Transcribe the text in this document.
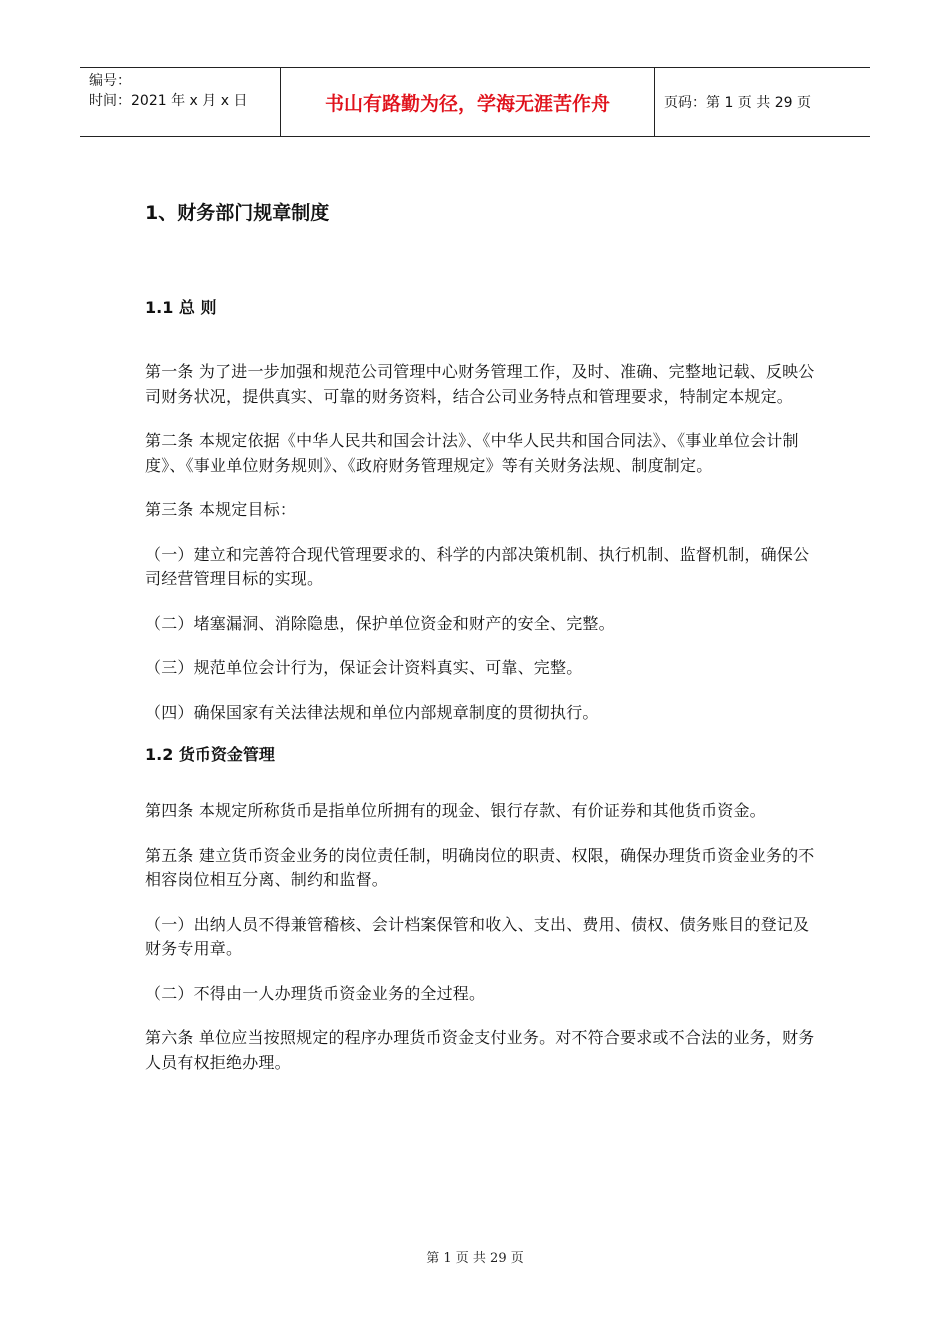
编号：
时间：2021 年 x 月 x 日	书山有路勤为径，学海无涯苦作舟	页码：第 1 页 共 29 页
1、财务部门规章制度
1.1 总 则

第一条 为了进一步加强和规范公司管理中心财务管理工作，及时、准确、完整地记载、反映公司财务状况，提供真实、可靠的财务资料，结合公司业务特点和管理要求，特制定本规定。

第二条 本规定依据《中华人民共和国会计法》、《中华人民共和国合同法》、《事业单位会计制度》、《事业单位财务规则》、《政府财务管理规定》等有关财务法规、制度制定。

第三条 本规定目标：

（一）建立和完善符合现代管理要求的、科学的内部决策机制、执行机制、监督机制，确保公司经营管理目标的实现。

（二）堵塞漏洞、消除隐患，保护单位资金和财产的安全、完整。

（三）规范单位会计行为，保证会计资料真实、可靠、完整。

（四）确保国家有关法律法规和单位内部规章制度的贯彻执行。

1.2 货币资金管理

第四条 本规定所称货币是指单位所拥有的现金、银行存款、有价证券和其他货币资金。

第五条 建立货币资金业务的岗位责任制，明确岗位的职责、权限，确保办理货币资金业务的不相容岗位相互分离、制约和监督。

（一）出纳人员不得兼管稽核、会计档案保管和收入、支出、费用、债权、债务账目的登记及财务专用章。

（二）不得由一人办理货币资金业务的全过程。

第六条 单位应当按照规定的程序办理货币资金支付业务。对不符合要求或不合法的业务，财务人员有权拒绝办理。

第 1 页 共 29 页
